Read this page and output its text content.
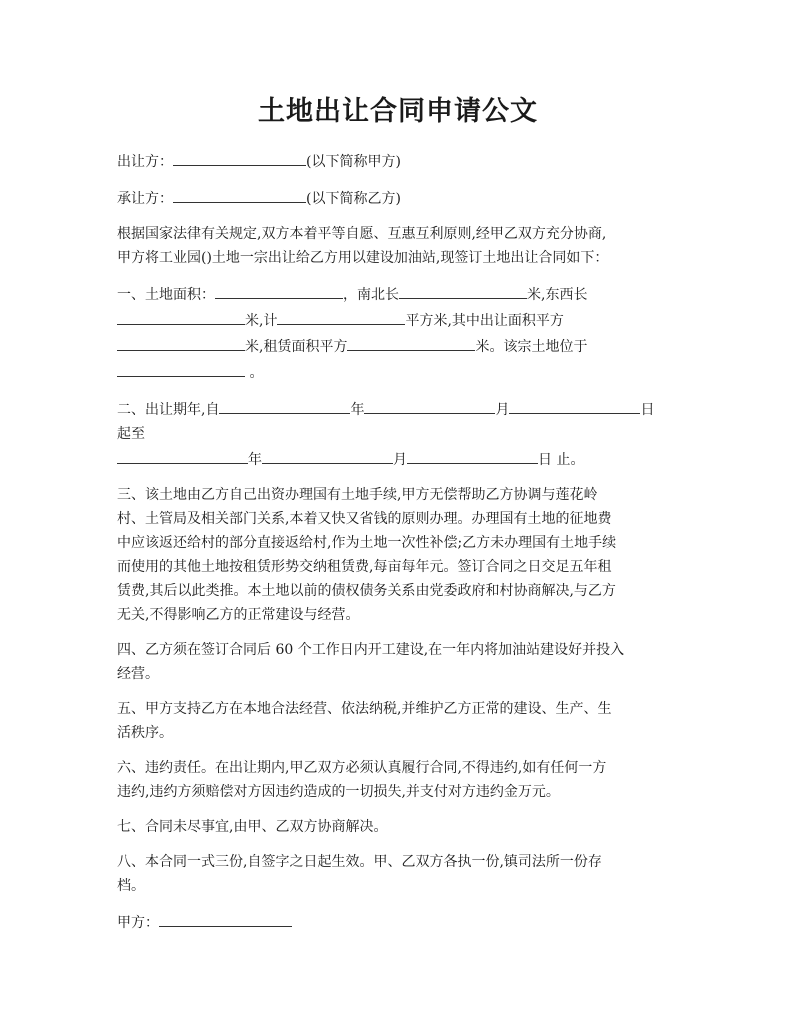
土地出让合同申请公文

出让方：	(以下简称甲方)

承让方：	(以下简称乙方)

根据国家法律有关规定,双方本着平等自愿、互惠互利原则,经甲乙双方充分协商,
甲方将工业园()土地一宗出让给乙方用以建设加油站,现签订土地出让合同如下：

一、土地面积：	，南北长	米,东西长
米,计	平方米,其中出让面积平方
米,租赁面积平方	米。该宗土地位于
。

二、出让期年,自	年	月	日
起至
年	月	日 止。

三、该土地由乙方自己出资办理国有土地手续,甲方无偿帮助乙方协调与莲花岭
村、土管局及相关部门关系,本着又快又省钱的原则办理。办理国有土地的征地费
中应该返还给村的部分直接返给村,作为土地一次性补偿;乙方未办理国有土地手续
而使用的其他土地按租赁形势交纳租赁费,每亩每年元。签订合同之日交足五年租
赁费,其后以此类推。本土地以前的债权债务关系由党委政府和村协商解决,与乙方
无关,不得影响乙方的正常建设与经营。

四、乙方须在签订合同后 60 个工作日内开工建设,在一年内将加油站建设好并投入
经营。

五、甲方支持乙方在本地合法经营、依法纳税,并维护乙方正常的建设、生产、生
活秩序。

六、违约责任。在出让期内,甲乙双方必须认真履行合同,不得违约,如有任何一方
违约,违约方须赔偿对方因违约造成的一切损失,并支付对方违约金万元。

七、合同未尽事宜,由甲、乙双方协商解决。

八、本合同一式三份,自签字之日起生效。甲、乙双方各执一份,镇司法所一份存
档。

甲方：
